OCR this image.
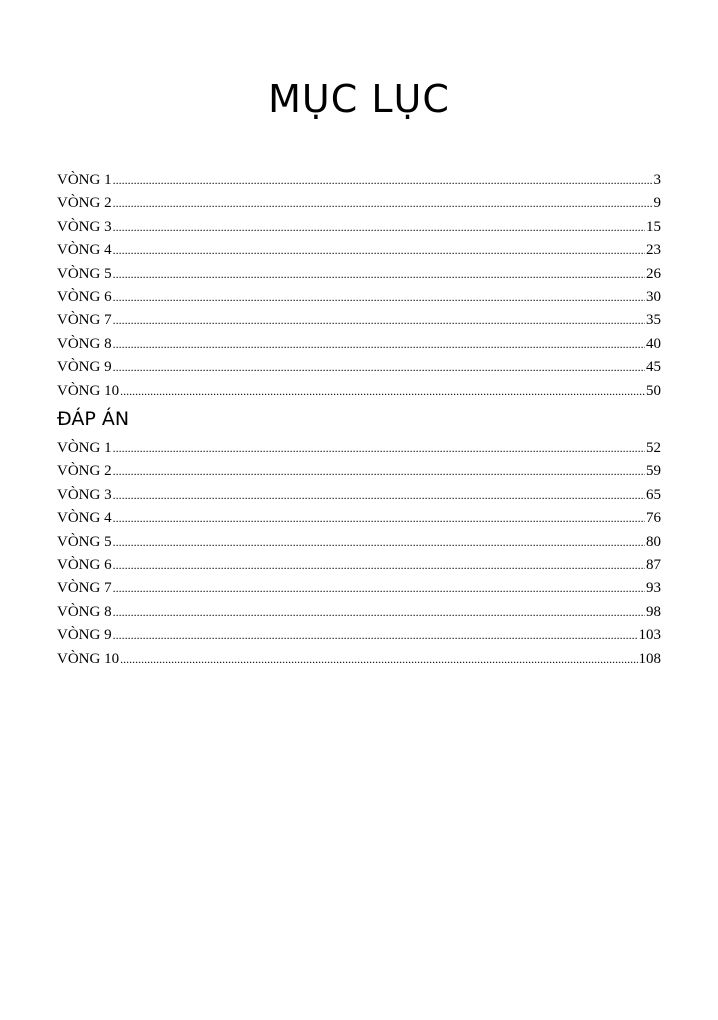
MỤC LỤC
VÒNG 1 .....	3
VÒNG 2 .....	9
VÒNG 3 .....	15
VÒNG 4 .....	23
VÒNG 5 .....	26
VÒNG 6 .....	30
VÒNG 7 .....	35
VÒNG 8 .....	40
VÒNG 9 .....	45
VÒNG 10 .....	50
ĐÁP ÁN
VÒNG 1 .....	52
VÒNG 2 .....	59
VÒNG 3 .....	65
VÒNG 4 .....	76
VÒNG 5 .....	80
VÒNG 6 .....	87
VÒNG 7 .....	93
VÒNG 8 .....	98
VÒNG 9 .....	103
VÒNG 10 .....	108
